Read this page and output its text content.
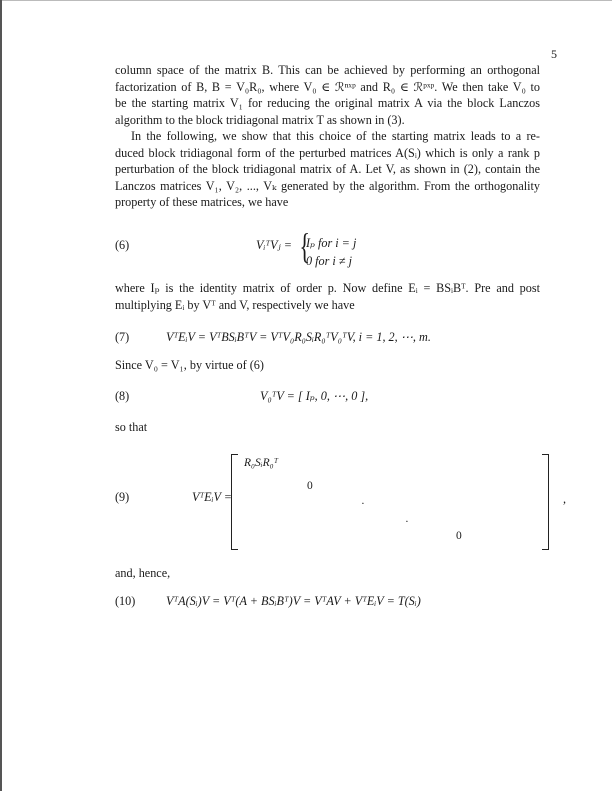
5
column space of the matrix B. This can be achieved by performing an orthogonal
factorization of B, B = V₀R₀, where V₀ ∈ ℛⁿˣᵖ and R₀ ∈ ℛᵖˣᵖ. We then take V₀ to
be the starting matrix V₁ for reducing the original matrix A via the block Lanczos
algorithm to the block tridiagonal matrix T as shown in (3).
In the following, we show that this choice of the starting matrix leads to a re-
duced block tridiagonal form of the perturbed matrices A(Sᵢ) which is only a rank p
perturbation of the block tridiagonal matrix of A. Let V, as shown in (2), contain the
Lanczos matrices V₁, V₂, ..., Vₖ generated by the algorithm. From the orthogonality
property of these matrices, we have
(6)	VᵢᵀVⱼ = {
Iₚ for i = j
0 for i ≠ j
where Iₚ is the identity matrix of order p. Now define Eᵢ = BSᵢBᵀ. Pre and post
multiplying Eᵢ by Vᵀ and V, respectively we have
(7)	VᵀEᵢV = VᵀBSᵢBᵀV = VᵀV₀R₀SᵢR₀ᵀV₀ᵀV, i = 1, 2, ⋯, m.
Since V₀ = V₁, by virtue of (6)
(8)	V₀ᵀV = [ Iₚ, 0, ⋯, 0 ],
so that
(9)	VᵀEᵢV =
R₀SᵢR₀ᵀ
0
·
·
0
,
and, hence,
(10)	VᵀA(Sᵢ)V = Vᵀ(A + BSᵢBᵀ)V = VᵀAV + VᵀEᵢV = T(Sᵢ)
